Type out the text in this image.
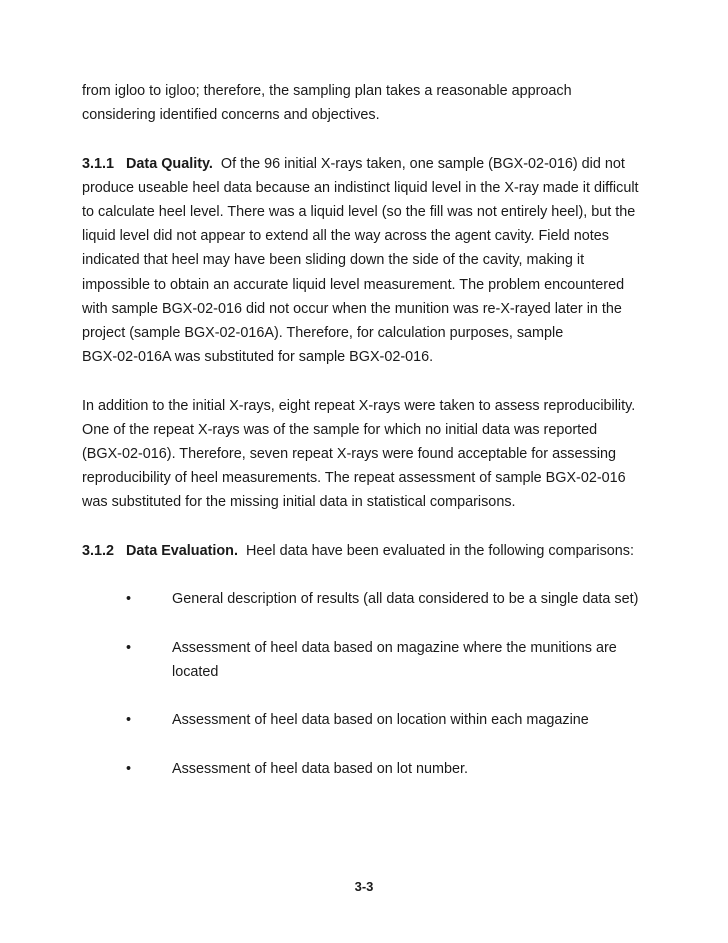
from igloo to igloo; therefore, the sampling plan takes a reasonable approach

considering identified concerns and objectives.

3.1.1 Data Quality. Of the 96 initial X-rays taken, one sample (BGX-02-016) did not

produce useable heel data because an indistinct liquid level in the X-ray made it difficult

to calculate heel level. There was a liquid level (so the fill was not entirely heel), but the

liquid level did not appear to extend all the way across the agent cavity. Field notes

indicated that heel may have been sliding down the side of the cavity, making it

impossible to obtain an accurate liquid level measurement. The problem encountered

with sample BGX-02-016 did not occur when the munition was re-X-rayed later in the

project (sample BGX-02-016A). Therefore, for calculation purposes, sample

BGX-02-016A was substituted for sample BGX-02-016.

In addition to the initial X-rays, eight repeat X-rays were taken to assess reproducibility.

One of the repeat X-rays was of the sample for which no initial data was reported

(BGX-02-016). Therefore, seven repeat X-rays were found acceptable for assessing

reproducibility of heel measurements. The repeat assessment of sample BGX-02-016

was substituted for the missing initial data in statistical comparisons.

3.1.2 Data Evaluation. Heel data have been evaluated in the following comparisons:

•	General description of results (all data considered to be a single data set)
•	Assessment of heel data based on magazine where the munitions are
located
•	Assessment of heel data based on location within each magazine
•	Assessment of heel data based on lot number.
3-3
